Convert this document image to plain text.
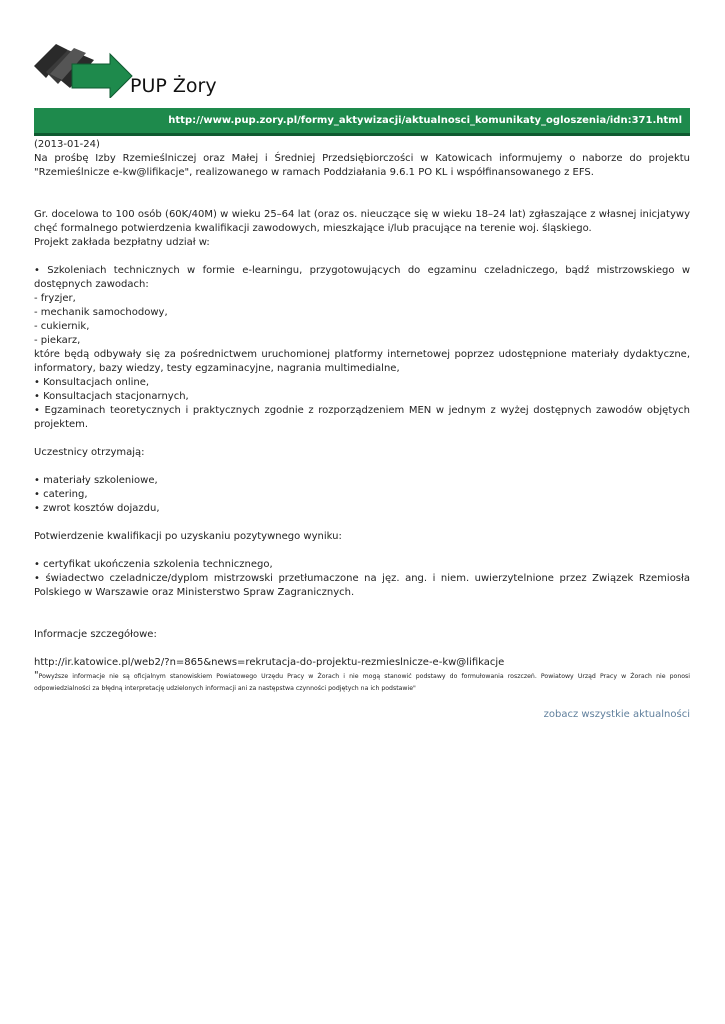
PUP Żory
http://www.pup.zory.pl/formy_aktywizacji/aktualnosci_komunikaty_ogloszenia/idn:371.html

(2013-01-24)

Na prośbę Izby Rzemieślniczej oraz Małej i Średniej Przedsiębiorczości w Katowicach informujemy o naborze do projektu "Rzemieślnicze e-kw@lifikacje", realizowanego w ramach Poddziałania 9.6.1 PO KL i współfinansowanego z EFS.

Gr. docelowa to 100 osób (60K/40M) w wieku 25–64 lat (oraz os. nieuczące się w wieku 18–24 lat) zgłaszające z własnej inicjatywy chęć formalnego potwierdzenia kwalifikacji zawodowych, mieszkające i/lub pracujące na terenie woj. śląskiego.

Projekt zakłada bezpłatny udział w:

• Szkoleniach technicznych w formie e-learningu, przygotowujących do egzaminu czeladniczego, bądź mistrzowskiego w dostępnych zawodach:

- fryzjer,

- mechanik samochodowy,

- cukiernik,

- piekarz,

które będą odbywały się za pośrednictwem uruchomionej platformy internetowej poprzez udostępnione materiały dydaktyczne, informatory, bazy wiedzy, testy egzaminacyjne, nagrania multimedialne,

• Konsultacjach online,

• Konsultacjach stacjonarnych,

• Egzaminach teoretycznych i praktycznych zgodnie z rozporządzeniem MEN w jednym z wyżej dostępnych zawodów objętych projektem.

Uczestnicy otrzymają:

• materiały szkoleniowe,

• catering,

• zwrot kosztów dojazdu,

Potwierdzenie kwalifikacji po uzyskaniu pozytywnego wyniku:

• certyfikat ukończenia szkolenia technicznego,

• świadectwo czeladnicze/dyplom mistrzowski przetłumaczone na jęz. ang. i niem. uwierzytelnione przez Związek Rzemiosła Polskiego w Warszawie oraz Ministerstwo Spraw Zagranicznych.

Informacje szczegółowe:

http://ir.katowice.pl/web2/?n=865&news=rekrutacja-do-projektu-rezmieslnicze-e-kw@lifikacje

"Powyższe informacje nie są oficjalnym stanowiskiem Powiatowego Urzędu Pracy w Żorach i nie mogą stanowić podstawy do formułowania roszczeń. Powiatowy Urząd Pracy w Żorach nie ponosi odpowiedzialności za błędną interpretację udzielonych informacji ani za następstwa czynności podjętych na ich podstawie"

zobacz wszystkie aktualności
